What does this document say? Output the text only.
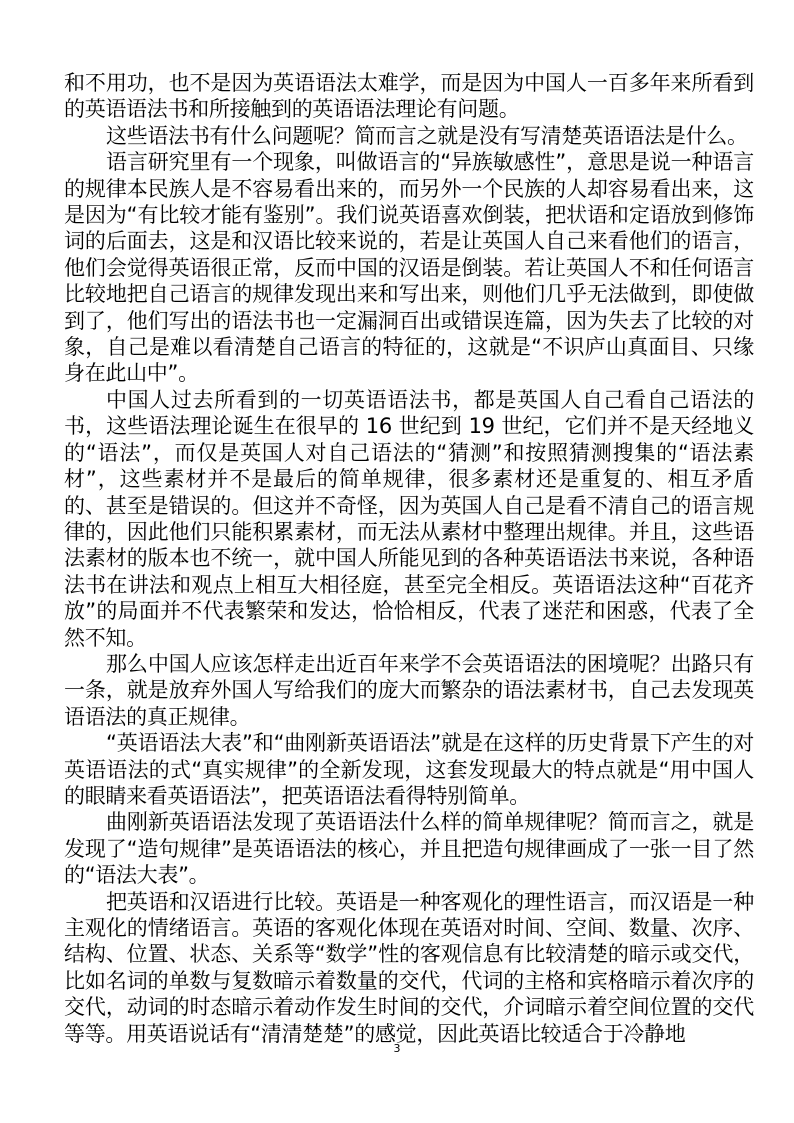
和不用功，也不是因为英语语法太难学，而是因为中国人一百多年来所看到的英语语法书和所接触到的英语语法理论有问题。

这些语法书有什么问题呢？简而言之就是没有写清楚英语语法是什么。

语言研究里有一个现象，叫做语言的“异族敏感性”，意思是说一种语言的规律本民族人是不容易看出来的，而另外一个民族的人却容易看出来，这是因为“有比较才能有鉴别”。我们说英语喜欢倒装，把状语和定语放到修饰词的后面去，这是和汉语比较来说的，若是让英国人自己来看他们的语言，他们会觉得英语很正常，反而中国的汉语是倒装。若让英国人不和任何语言比较地把自己语言的规律发现出来和写出来，则他们几乎无法做到，即使做到了，他们写出的语法书也一定漏洞百出或错误连篇，因为失去了比较的对象，自己是难以看清楚自己语言的特征的，这就是“不识庐山真面目、只缘身在此山中”。

中国人过去所看到的一切英语语法书，都是英国人自己看自己语法的书，这些语法理论诞生在很早的 16 世纪到 19 世纪，它们并不是天经地义的“语法”，而仅是英国人对自己语法的“猜测”和按照猜测搜集的“语法素材”，这些素材并不是最后的简单规律，很多素材还是重复的、相互矛盾的、甚至是错误的。但这并不奇怪，因为英国人自己是看不清自己的语言规律的，因此他们只能积累素材，而无法从素材中整理出规律。并且，这些语法素材的版本也不统一，就中国人所能见到的各种英语语法书来说，各种语法书在讲法和观点上相互大相径庭，甚至完全相反。英语语法这种“百花齐放”的局面并不代表繁荣和发达，恰恰相反，代表了迷茫和困惑，代表了全然不知。

那么中国人应该怎样走出近百年来学不会英语语法的困境呢？出路只有一条，就是放弃外国人写给我们的庞大而繁杂的语法素材书，自己去发现英语语法的真正规律。

“英语语法大表”和“曲刚新英语语法”就是在这样的历史背景下产生的对英语语法的式“真实规律”的全新发现，这套发现最大的特点就是“用中国人的眼睛来看英语语法”，把英语语法看得特别简单。

曲刚新英语语法发现了英语语法什么样的简单规律呢？简而言之，就是发现了“造句规律”是英语语法的核心，并且把造句规律画成了一张一目了然的“语法大表”。

把英语和汉语进行比较。英语是一种客观化的理性语言，而汉语是一种主观化的情绪语言。英语的客观化体现在英语对时间、空间、数量、次序、结构、位置、状态、关系等“数学”性的客观信息有比较清楚的暗示或交代，比如名词的单数与复数暗示着数量的交代，代词的主格和宾格暗示着次序的交代，动词的时态暗示着动作发生时间的交代，介词暗示着空间位置的交代等等。用英语说话有“清清楚楚”的感觉，因此英语比较适合于冷静地

3
